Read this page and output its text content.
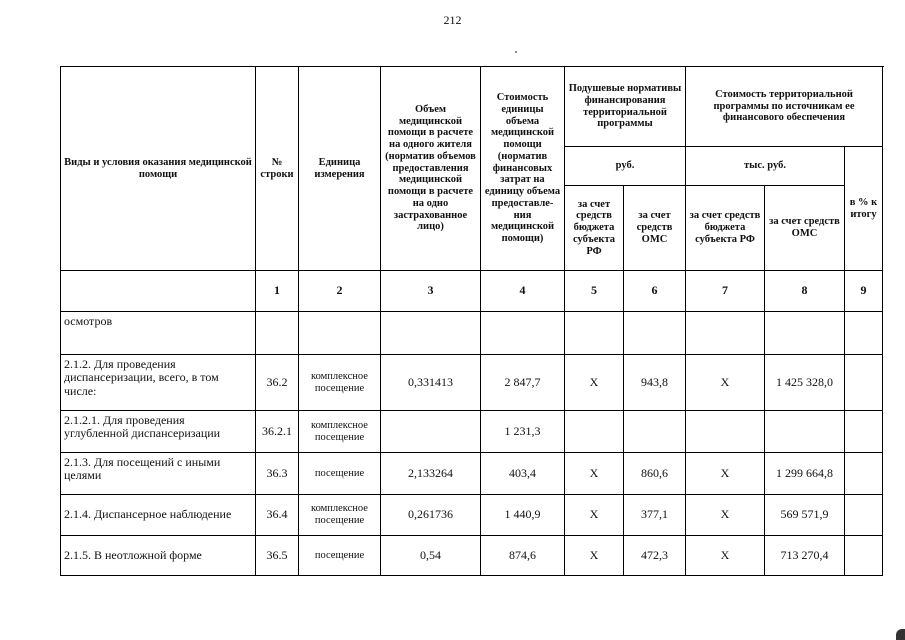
212
Виды и условия оказания медицинской помощи	№ строки	Единица измерения	Объем медицинской помощи в расчете на одного жителя (норматив объемов предоставления медицинской помощи в расчете на одно застрахованное лицо)	Стоимость единицы объема медицинской помощи (норматив финансовых затрат на единицу объема предоставле-ния медицинской помощи)	Подушевые нормативы финансирования территориальной программы		Стоимость территориальной программы по источникам ее финансового обеспечения		
					руб.		тыс. руб.		в % к итогу
					за счет средств бюджета субъекта РФ	за счет средств ОМС	за счет средств бюджета субъекта РФ	за счет средств ОМС	
	1	2	3	4	5	6	7	8	9
осмотров									
2.1.2. Для проведения диспансеризации, всего, в том числе:	36.2	комплексное посещение	0,331413	2 847,7	X	943,8	X	1 425 328,0	
2.1.2.1. Для проведения углубленной диспансеризации	36.2.1	комплексное посещение		1 231,3					
2.1.3. Для посещений с иными целями	36.3	посещение	2,133264	403,4	X	860,6	X	1 299 664,8	
2.1.4. Диспансерное наблюдение	36.4	комплексное посещение	0,261736	1 440,9	X	377,1	X	569 571,9	
2.1.5. В неотложной форме	36.5	посещение	0,54	874,6	X	472,3	X	713 270,4	
